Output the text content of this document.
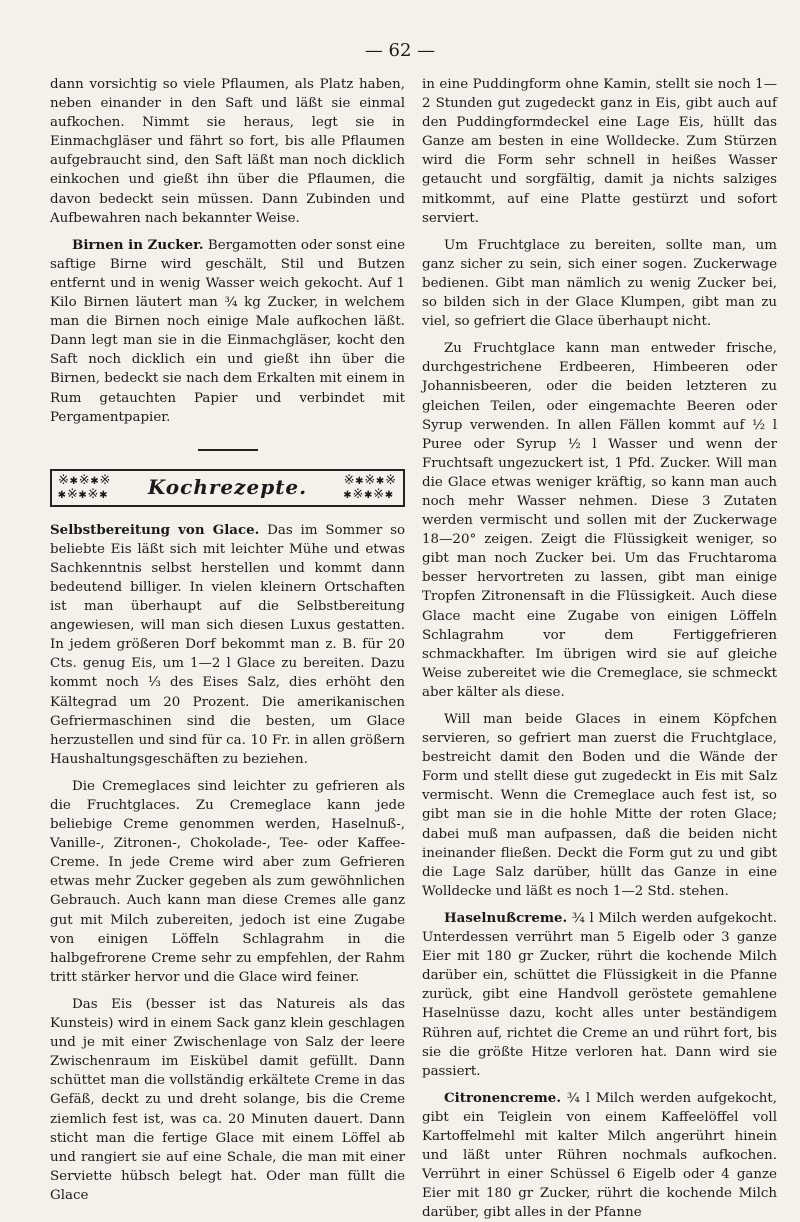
— 62 —

dann vorsichtig so viele Pflaumen, als Platz haben, neben einander in den Saft und läßt sie einmal aufkochen. Nimmt sie heraus, legt sie in Einmachgläser und fährt so fort, bis alle Pflaumen aufgebraucht sind, den Saft läßt man noch dicklich einkochen und gießt ihn über die Pflaumen, die davon bedeckt sein müssen. Dann Zubinden und Aufbewahren nach bekannter Weise.

Birnen in Zucker. Bergamotten oder sonst eine saftige Birne wird geschält, Stil und Butzen entfernt und in wenig Wasser weich gekocht. Auf 1 Kilo Birnen läutert man ¾ kg Zucker, in welchem man die Birnen noch einige Male aufkochen läßt. Dann legt man sie in die Einmachgläser, kocht den Saft noch dicklich ein und gießt ihn über die Birnen, bedeckt sie nach dem Erkalten mit einem in Rum getauchten Papier und verbindet mit Pergamentpapier.

※✱※✱※
✱※✱※✱ Kochrezepte.	※✱※✱※
✱※✱※✱

Selbstbereitung von Glace. Das im Sommer so beliebte Eis läßt sich mit leichter Mühe und etwas Sachkenntnis selbst herstellen und kommt dann bedeutend billiger. In vielen kleinern Ortschaften ist man überhaupt auf die Selbstbereitung angewiesen, will man sich diesen Luxus gestatten. In jedem größeren Dorf bekommt man z. B. für 20 Cts. genug Eis, um 1—2 l Glace zu bereiten. Dazu kommt noch ⅓ des Eises Salz, dies erhöht den Kältegrad um 20 Prozent. Die amerikanischen Gefriermaschinen sind die besten, um Glace herzustellen und sind für ca. 10 Fr. in allen größern Haushaltungsgeschäften zu beziehen.

Die Cremeglaces sind leichter zu gefrieren als die Fruchtglaces. Zu Cremeglace kann jede beliebige Creme genommen werden, Haselnuß-, Vanille-, Zitronen-, Chokolade-, Tee- oder Kaffee-Creme. In jede Creme wird aber zum Gefrieren etwas mehr Zucker gegeben als zum gewöhnlichen Gebrauch. Auch kann man diese Cremes alle ganz gut mit Milch zubereiten, jedoch ist eine Zugabe von einigen Löffeln Schlagrahm in die halbgefrorene Creme sehr zu empfehlen, der Rahm tritt stärker hervor und die Glace wird feiner.

Das Eis (besser ist das Natureis als das Kunsteis) wird in einem Sack ganz klein geschlagen und je mit einer Zwischenlage von Salz der leere Zwischenraum im Eiskübel damit gefüllt. Dann schüttet man die vollständig erkältete Creme in das Gefäß, deckt zu und dreht solange, bis die Creme ziemlich fest ist, was ca. 20 Minuten dauert. Dann sticht man die fertige Glace mit einem Löffel ab und rangiert sie auf eine Schale, die man mit einer Serviette hübsch belegt hat. Oder man füllt die Glace

in eine Puddingform ohne Kamin, stellt sie noch 1—2 Stunden gut zugedeckt ganz in Eis, gibt auch auf den Puddingformdeckel eine Lage Eis, hüllt das Ganze am besten in eine Wolldecke. Zum Stürzen wird die Form sehr schnell in heißes Wasser getaucht und sorgfältig, damit ja nichts salziges mitkommt, auf eine Platte gestürzt und sofort serviert.

Um Fruchtglace zu bereiten, sollte man, um ganz sicher zu sein, sich einer sogen. Zuckerwage bedienen. Gibt man nämlich zu wenig Zucker bei, so bilden sich in der Glace Klumpen, gibt man zu viel, so gefriert die Glace überhaupt nicht.

Zu Fruchtglace kann man entweder frische, durchgestrichene Erdbeeren, Himbeeren oder Johannisbeeren, oder die beiden letzteren zu gleichen Teilen, oder eingemachte Beeren oder Syrup verwenden. In allen Fällen kommt auf ½ l Puree oder Syrup ½ l Wasser und wenn der Fruchtsaft ungezuckert ist, 1 Pfd. Zucker. Will man die Glace etwas weniger kräftig, so kann man auch noch mehr Wasser nehmen. Diese 3 Zutaten werden vermischt und sollen mit der Zuckerwage 18—20° zeigen. Zeigt die Flüssigkeit weniger, so gibt man noch Zucker bei. Um das Fruchtaroma besser hervortreten zu lassen, gibt man einige Tropfen Zitronensaft in die Flüssigkeit. Auch diese Glace macht eine Zugabe von einigen Löffeln Schlagrahm vor dem Fertiggefrieren schmackhafter. Im übrigen wird sie auf gleiche Weise zubereitet wie die Cremeglace, sie schmeckt aber kälter als diese.

Will man beide Glaces in einem Köpfchen servieren, so gefriert man zuerst die Fruchtglace, bestreicht damit den Boden und die Wände der Form und stellt diese gut zugedeckt in Eis mit Salz vermischt. Wenn die Cremeglace auch fest ist, so gibt man sie in die hohle Mitte der roten Glace; dabei muß man aufpassen, daß die beiden nicht ineinander fließen. Deckt die Form gut zu und gibt die Lage Salz darüber, hüllt das Ganze in eine Wolldecke und läßt es noch 1—2 Std. stehen.

Haselnußcreme. ¾ l Milch werden aufgekocht. Unterdessen verrührt man 5 Eigelb oder 3 ganze Eier mit 180 gr Zucker, rührt die kochende Milch darüber ein, schüttet die Flüssigkeit in die Pfanne zurück, gibt eine Handvoll geröstete gemahlene Haselnüsse dazu, kocht alles unter beständigem Rühren auf, richtet die Creme an und rührt fort, bis sie die größte Hitze verloren hat. Dann wird sie passiert.

Citronencreme. ¾ l Milch werden aufgekocht, gibt ein Teiglein von einem Kaffeelöffel voll Kartoffelmehl mit kalter Milch angerührt hinein und läßt unter Rühren nochmals aufkochen. Verrührt in einer Schüssel 6 Eigelb oder 4 ganze Eier mit 180 gr Zucker, rührt die kochende Milch darüber, gibt alles in der Pfanne
